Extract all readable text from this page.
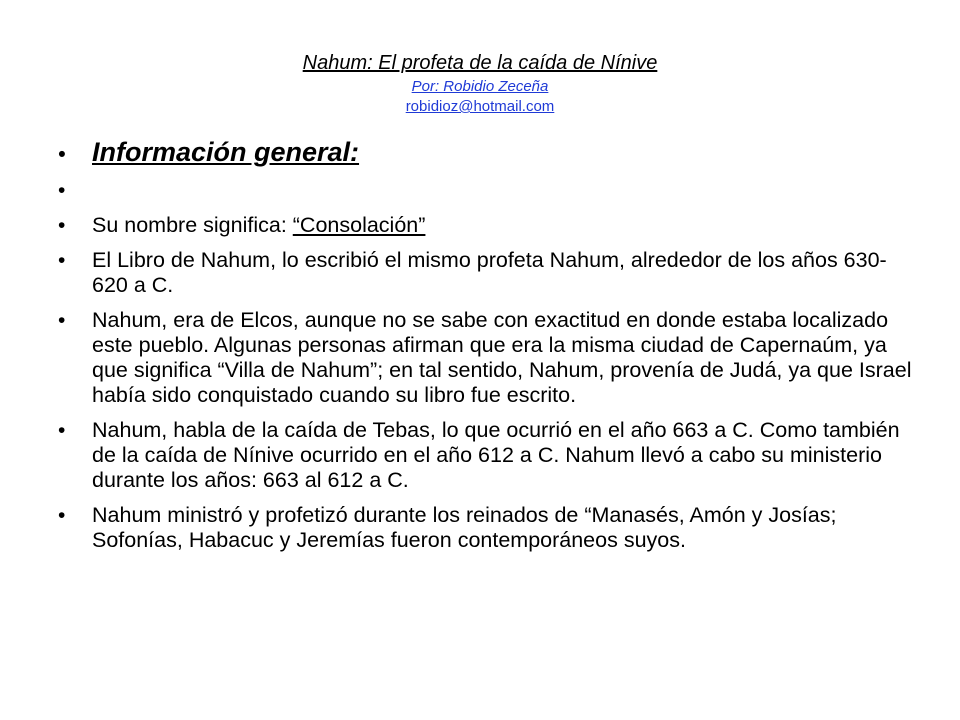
Nahum: El profeta de la caída de Nínive
Por: Robidio Zeceña
robidioz@hotmail.com
• Información general:
•
•	Su nombre significa: “Consolación”
•	El Libro de Nahum, lo escribió el mismo profeta Nahum, alrededor de los años 630-620 a C.
•	Nahum, era de Elcos, aunque no se sabe con exactitud en donde estaba localizado este pueblo. Algunas personas afirman que era la misma ciudad de Capernaúm, ya que significa “Villa de Nahum”; en tal sentido, Nahum, provenía de Judá, ya que Israel había sido conquistado cuando su libro fue escrito.
•	Nahum, habla de la caída de Tebas, lo que ocurrió en el año 663 a C. Como también de la caída de Nínive ocurrido en el año 612 a C. Nahum llevó a cabo su ministerio durante los años: 663 al 612 a C.
•	Nahum ministró y profetizó durante los reinados de “Manasés, Amón y Josías; Sofonías, Habacuc y Jeremías fueron contemporáneos suyos.
